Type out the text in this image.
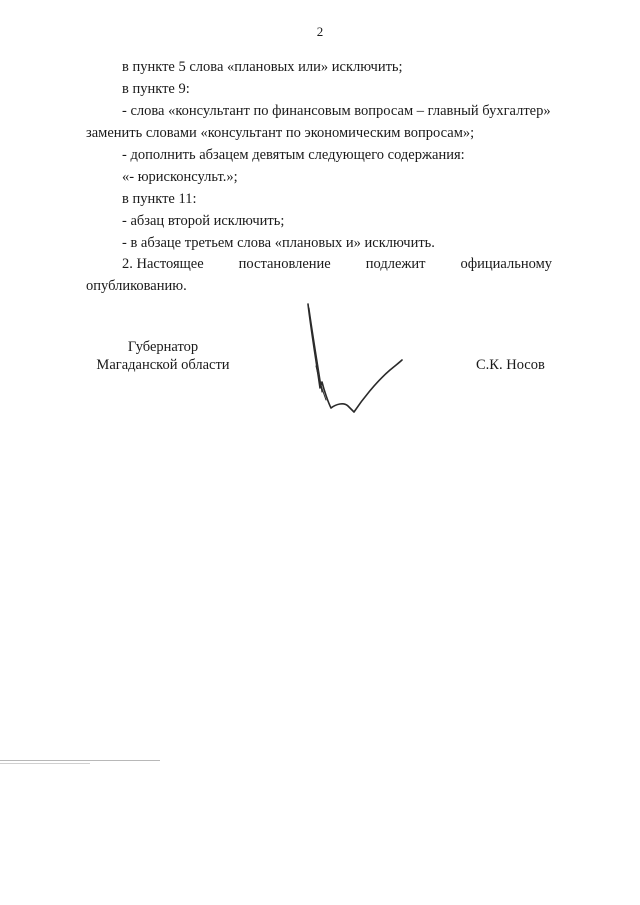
2
в пункте 5 слова «плановых или» исключить;
в пункте 9:
- слова «консультант по финансовым вопросам – главный бухгалтер»
заменить словами «консультант по экономическим вопросам»;
- дополнить абзацем девятым следующего содержания:
«- юрисконсульт.»;
в пункте 11:
- абзац второй исключить;
- в абзаце третьем слова «плановых и» исключить.
2. Настоящее постановление подлежит официальному
опубликованию.
Губернатор
Магаданской области	С.К. Носов
